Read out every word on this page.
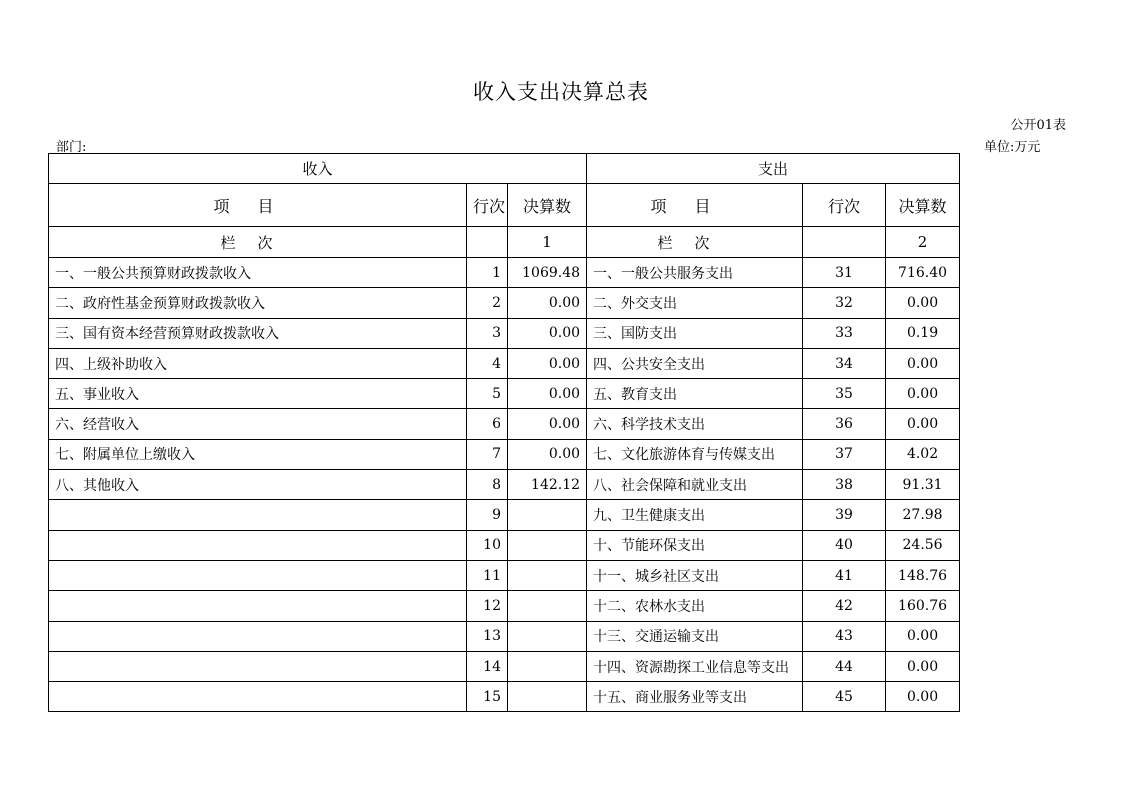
收入支出决算总表
公开01表
部门:	单位:万元
收入			支出		
项目	行次	决算数	项目	行次	决算数
栏次		1	栏次		2
一、一般公共预算财政拨款收入	1	1069.48	一、一般公共服务支出	31	716.40
二、政府性基金预算财政拨款收入	2	0.00	二、外交支出	32	0.00
三、国有资本经营预算财政拨款收入	3	0.00	三、国防支出	33	0.19
四、上级补助收入	4	0.00	四、公共安全支出	34	0.00
五、事业收入	5	0.00	五、教育支出	35	0.00
六、经营收入	6	0.00	六、科学技术支出	36	0.00
七、附属单位上缴收入	7	0.00	七、文化旅游体育与传媒支出	37	4.02
八、其他收入	8	142.12	八、社会保障和就业支出	38	91.31
	9		九、卫生健康支出	39	27.98
	10		十、节能环保支出	40	24.56
	11		十一、城乡社区支出	41	148.76
	12		十二、农林水支出	42	160.76
	13		十三、交通运输支出	43	0.00
	14		十四、资源勘探工业信息等支出	44	0.00
	15		十五、商业服务业等支出	45	0.00
